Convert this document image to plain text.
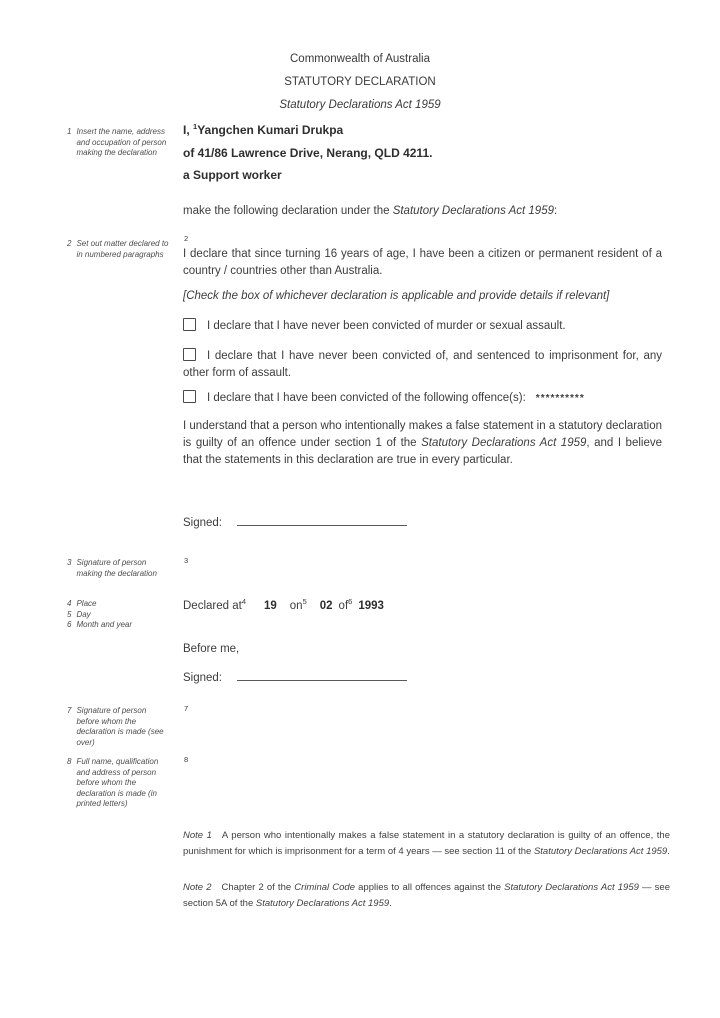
Commonwealth of Australia
STATUTORY DECLARATION
Statutory Declarations Act 1959
1 Insert the name, address and occupation of person making the declaration
I, $^1$Yangchen Kumari Drukpa
of 41/86 Lawrence Drive, Nerang, QLD 4211.
a Support worker
make the following declaration under the Statutory Declarations Act 1959:
2 Set out matter declared to in numbered paragraphs
2
I declare that since turning 16 years of age, I have been a citizen or permanent resident of a country / countries other than Australia.
[Check the box of whichever declaration is applicable and provide details if relevant]
I declare that I have never been convicted of murder or sexual assault.
I declare that I have never been convicted of, and sentenced to imprisonment for, any other form of assault.
I declare that I have been convicted of the following offence(s): **********
I understand that a person who intentionally makes a false statement in a statutory declaration is guilty of an offence under section 1 of the Statutory Declarations Act 1959, and I believe that the statements in this declaration are true in every particular.
Signed:
3 Signature of person making the declaration
3
4 Place
5 Day
6 Month and year
Declared at$^4$ 19 on$^5$ 02 of$^6$ 1993
Before me,
Signed:
7 Signature of person before whom the declaration is made (see over)
7
8 Full name, qualification and address of person before whom the declaration is made (in printed letters)
8
Note 1 A person who intentionally makes a false statement in a statutory declaration is guilty of an offence, the punishment for which is imprisonment for a term of 4 years — see section 11 of the Statutory Declarations Act 1959.
Note 2 Chapter 2 of the Criminal Code applies to all offences against the Statutory Declarations Act 1959 — see section 5A of the Statutory Declarations Act 1959.
